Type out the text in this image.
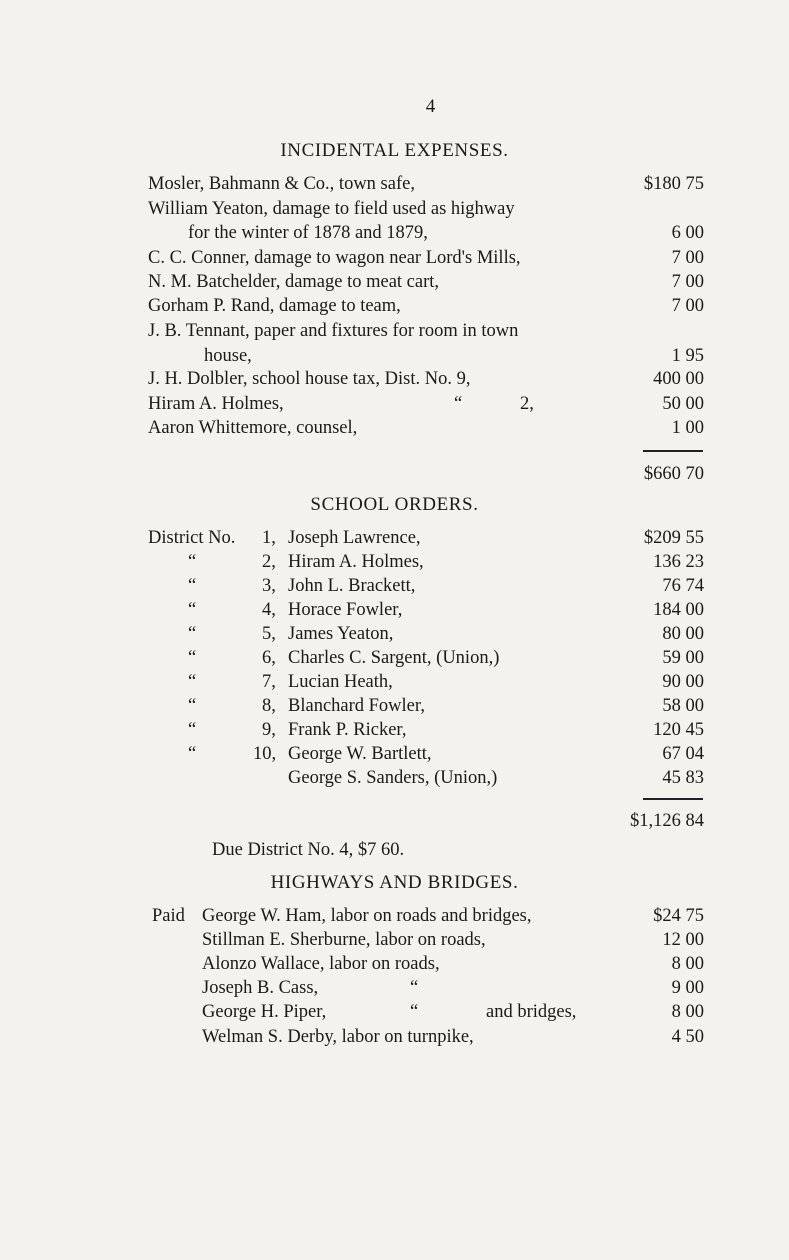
4
INCIDENTAL EXPENSES.
Mosler, Bahmann & Co., town safe,	$180 75
William Yeaton, damage to field used as highway
for the winter of 1878 and 1879,	6 00
C. C. Conner, damage to wagon near Lord's Mills,	7 00
N. M. Batchelder, damage to meat cart,	7 00
Gorham P. Rand, damage to team,	7 00
J. B. Tennant, paper and fixtures for room in town
house,	1 95
J. H. Dolbler, school house tax, Dist. No. 9,	400 00
Hiram A. Holmes,	“	2,	50 00
Aaron Whittemore, counsel,	1 00
$660 70
SCHOOL ORDERS.
District No. 1, Joseph Lawrence,	$209 55
“	2, Hiram A. Holmes,	136 23
“	3, John L. Brackett,	76 74
“	4, Horace Fowler,	184 00
“	5, James Yeaton,	80 00
“	6, Charles C. Sargent, (Union,)	59 00
“	7, Lucian Heath,	90 00
“	8, Blanchard Fowler,	58 00
“	9, Frank P. Ricker,	120 45
“	10, George W. Bartlett,	67 04
George S. Sanders, (Union,)	45 83
$1,126 84
Due District No. 4, $7 60.
HIGHWAYS AND BRIDGES.
Paid George W. Ham, labor on roads and bridges,	$24 75
Stillman E. Sherburne, labor on roads,	12 00
Alonzo Wallace, labor on roads,	8 00
Joseph B. Cass,	“	9 00
George H. Piper,	“	and bridges,	8 00
Welman S. Derby, labor on turnpike,	4 50
